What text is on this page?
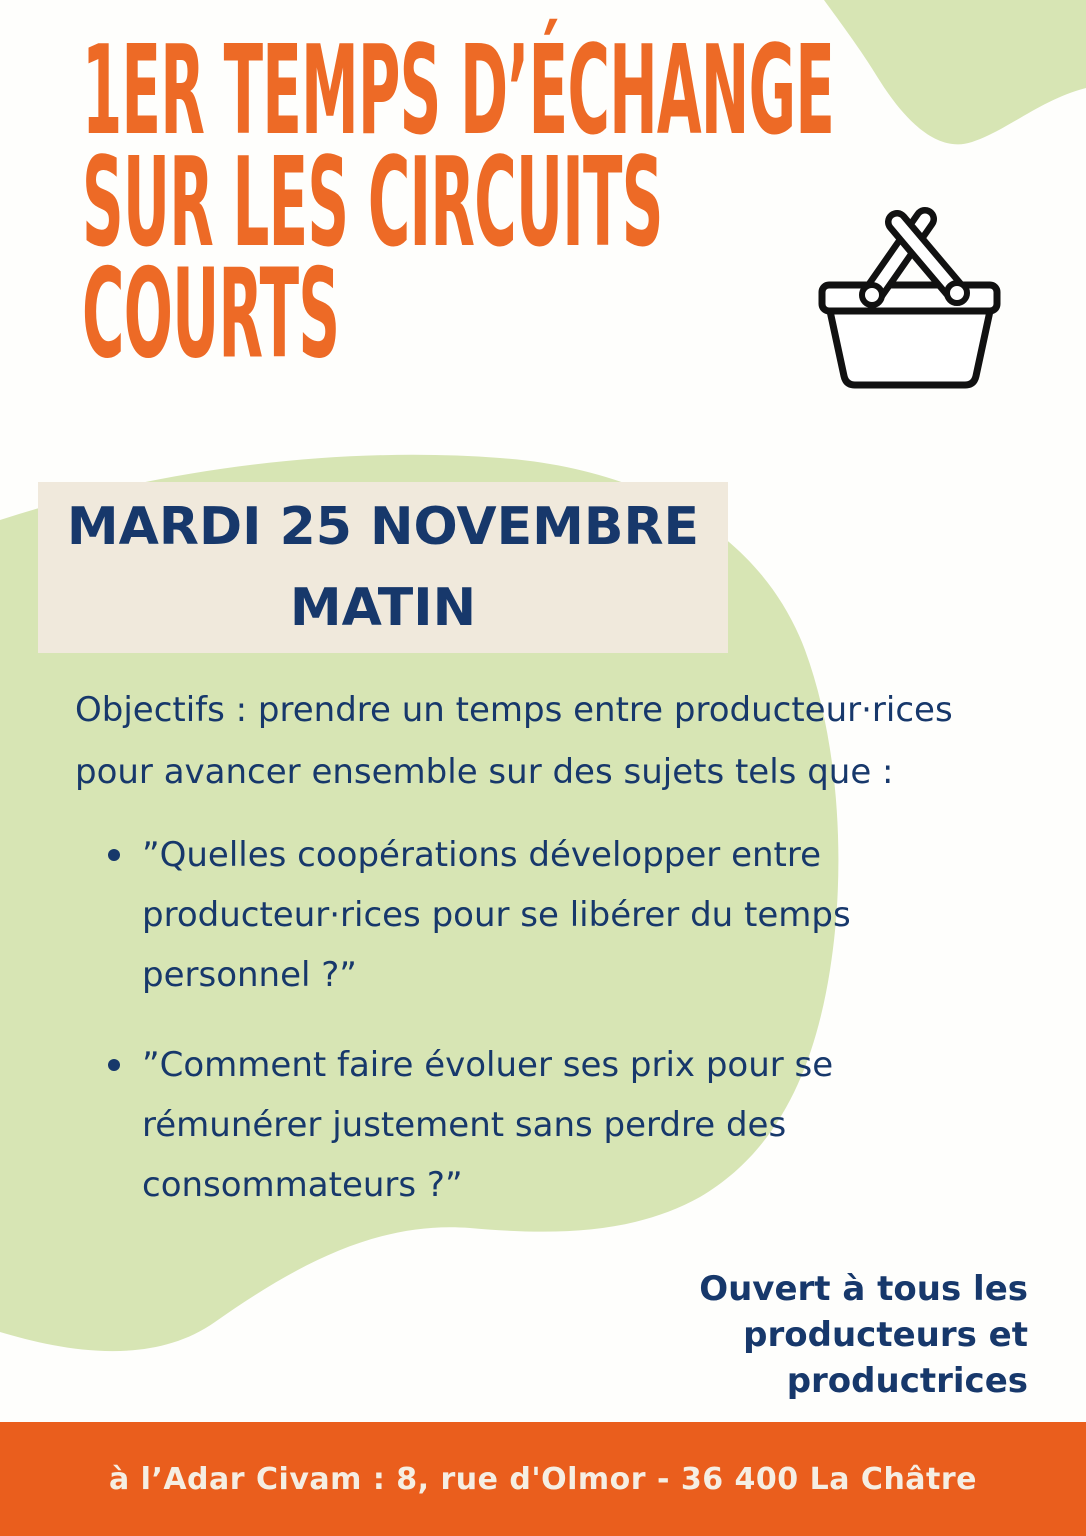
1ER TEMPS D’ÉCHANGE
SUR LES CIRCUITS
COURTS
MARDI 25 NOVEMBRE
MATIN
Objectifs : prendre un temps entre producteur·rices
pour avancer ensemble sur des sujets tels que :
”Quelles coopérations développer entre
producteur·rices pour se libérer du temps
personnel ?”
”Comment faire évoluer ses prix pour se
rémunérer justement sans perdre des
consommateurs ?”
Ouvert à tous les
producteurs et
productrices
à l’Adar Civam : 8, rue d'Olmor - 36 400 La Châtre
